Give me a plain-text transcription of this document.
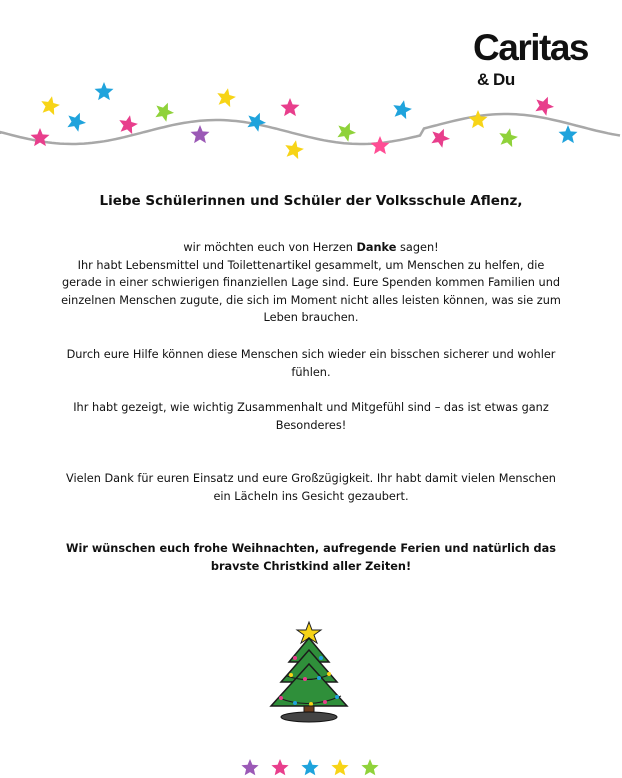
Caritas
& Du
Liebe Schülerinnen und Schüler der Volksschule Aflenz,

wir möchten euch von Herzen Danke sagen!

Ihr habt Lebensmittel und Toilettenartikel gesammelt, um Menschen zu helfen, die gerade in einer schwierigen finanziellen Lage sind. Eure Spenden kommen Familien und einzelnen Menschen zugute, die sich im Moment nicht alles leisten können, was sie zum Leben brauchen.

Durch eure Hilfe können diese Menschen sich wieder ein bisschen sicherer und wohler fühlen.
Ihr habt gezeigt, wie wichtig Zusammenhalt und Mitgefühl sind – das ist etwas ganz Besonderes!
Vielen Dank für euren Einsatz und eure Großzügigkeit. Ihr habt damit vielen Menschen ein Lächeln ins Gesicht gezaubert.
Wir wünschen euch frohe Weihnachten, aufregende Ferien und natürlich das bravste Christkind aller Zeiten!
